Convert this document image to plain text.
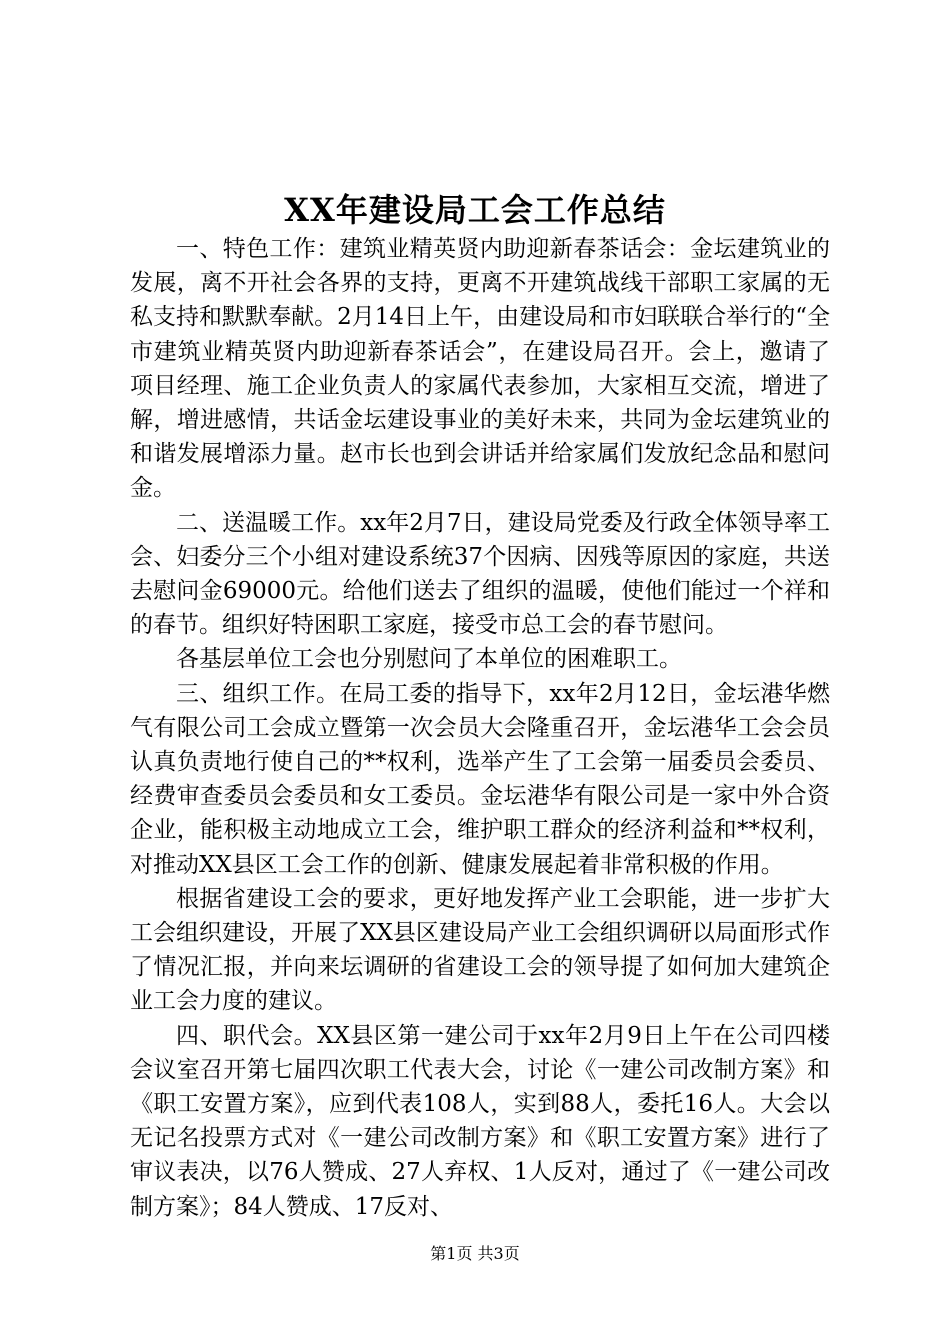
XX年建设局工会工作总结

一、特色工作：建筑业精英贤内助迎新春茶话会：金坛建筑业的发展，离不开社会各界的支持，更离不开建筑战线干部职工家属的无私支持和默默奉献。2月14日上午，由建设局和市妇联联合举行的“全市建筑业精英贤内助迎新春茶话会”，在建设局召开。会上，邀请了项目经理、施工企业负责人的家属代表参加，大家相互交流，增进了解，增进感情，共话金坛建设事业的美好未来，共同为金坛建筑业的和谐发展增添力量。赵市长也到会讲话并给家属们发放纪念品和慰问金。

二、送温暖工作。xx年2月7日，建设局党委及行政全体领导率工会、妇委分三个小组对建设系统37个因病、因残等原因的家庭，共送去慰问金69000元。给他们送去了组织的温暖，使他们能过一个祥和的春节。组织好特困职工家庭，接受市总工会的春节慰问。

各基层单位工会也分别慰问了本单位的困难职工。

三、组织工作。在局工委的指导下，xx年2月12日，金坛港华燃气有限公司工会成立暨第一次会员大会隆重召开，金坛港华工会会员认真负责地行使自己的**权利，选举产生了工会第一届委员会委员、经费审查委员会委员和女工委员。金坛港华有限公司是一家中外合资企业，能积极主动地成立工会，维护职工群众的经济利益和**权利，对推动XX县区工会工作的创新、健康发展起着非常积极的作用。

根据省建设工会的要求，更好地发挥产业工会职能，进一步扩大工会组织建设，开展了XX县区建设局产业工会组织调研以局面形式作了情况汇报，并向来坛调研的省建设工会的领导提了如何加大建筑企业工会力度的建议。

四、职代会。XX县区第一建公司于xx年2月9日上午在公司四楼会议室召开第七届四次职工代表大会，讨论《一建公司改制方案》和《职工安置方案》，应到代表108人，实到88人，委托16人。大会以无记名投票方式对《一建公司改制方案》和《职工安置方案》进行了审议表决，以76人赞成、27人弃权、1人反对，通过了《一建公司改制方案》；84人赞成、17反对、

第1页 共3页
